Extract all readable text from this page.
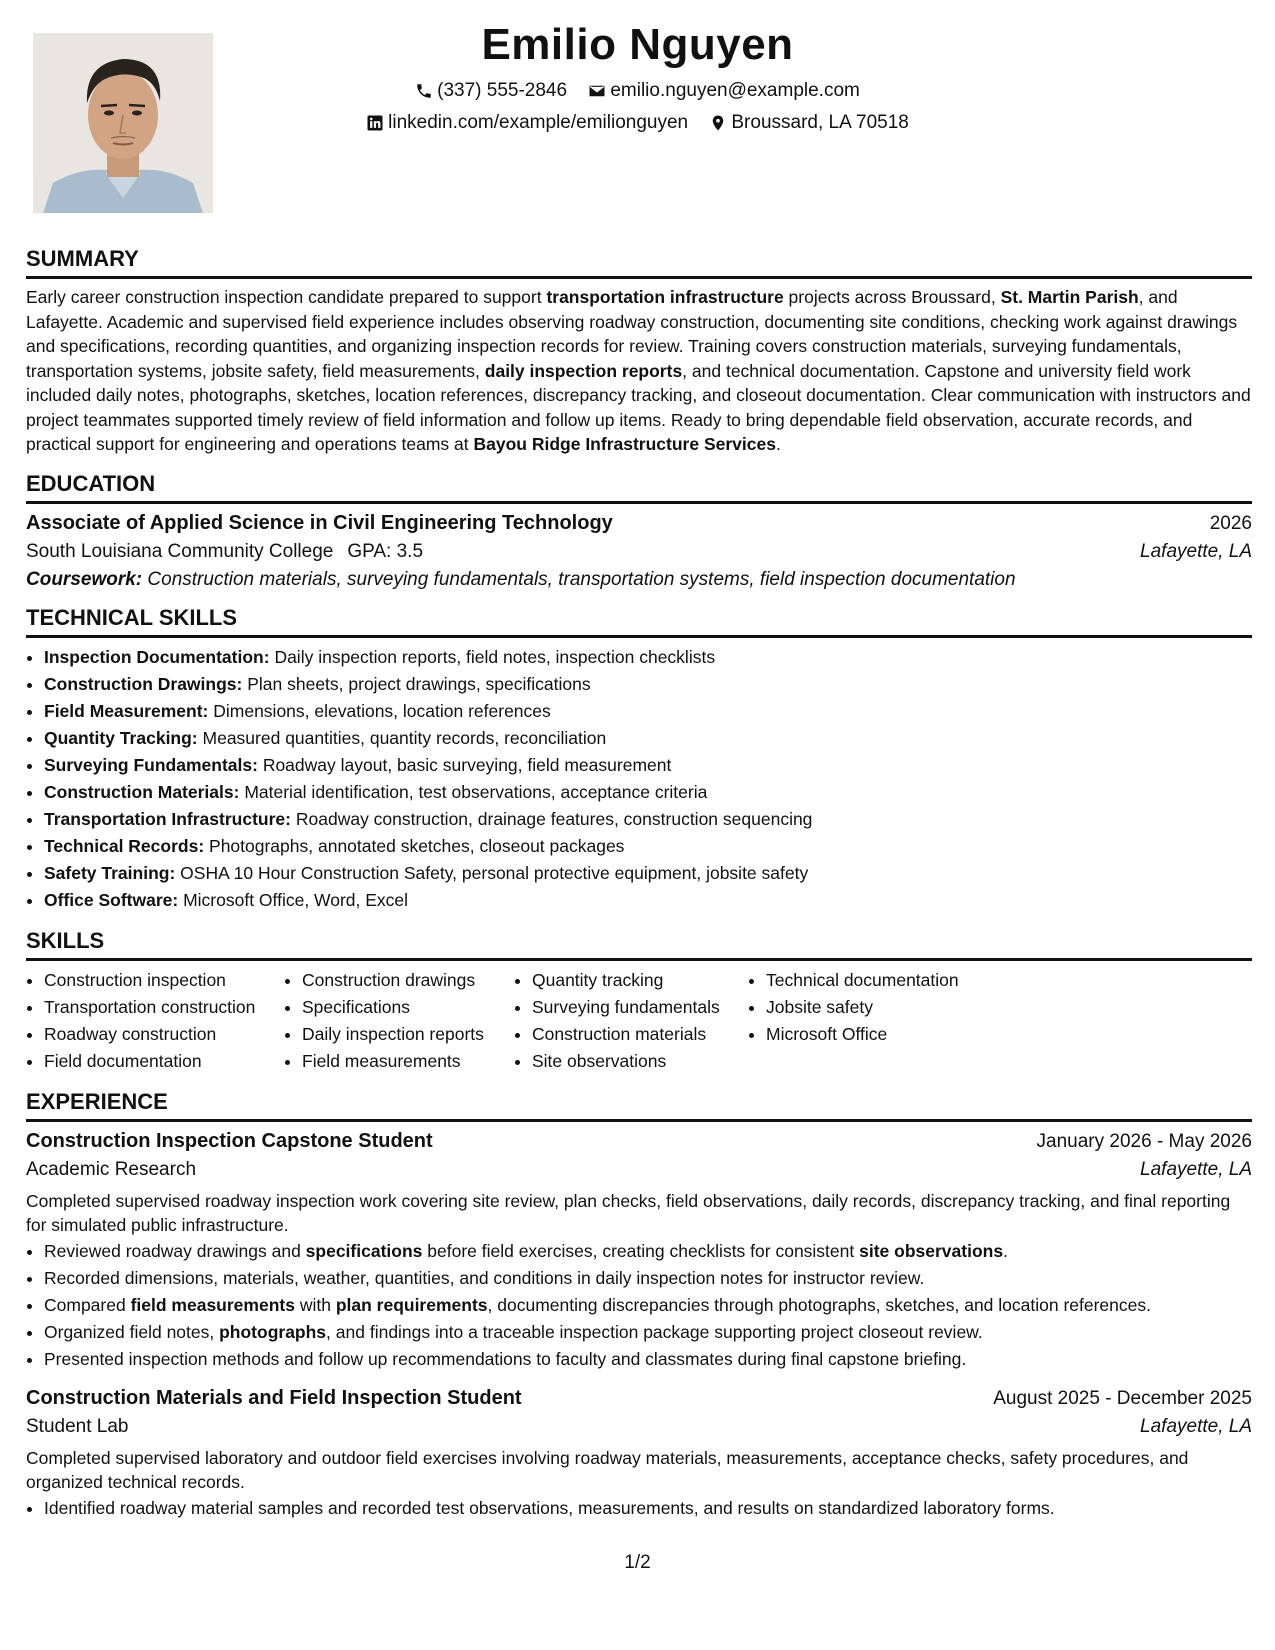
Emilio Nguyen
(337) 555-2846
emilio.nguyen@example.com
linkedin.com/example/emilionguyen
Broussard, LA 70518
SUMMARY

Early career construction inspection candidate prepared to support transportation infrastructure projects across Broussard, St. Martin Parish, and Lafayette. Academic and supervised field experience includes observing roadway construction, documenting site conditions, checking work against drawings and specifications, recording quantities, and organizing inspection records for review. Training covers construction materials, surveying fundamentals, transportation systems, jobsite safety, field measurements, daily inspection reports, and technical documentation. Capstone and university field work included daily notes, photographs, sketches, location references, discrepancy tracking, and closeout documentation. Clear communication with instructors and project teammates supported timely review of field information and follow up items. Ready to bring dependable field observation, accurate records, and practical support for engineering and operations teams at Bayou Ridge Infrastructure Services.

EDUCATION
Associate of Applied Science in Civil Engineering Technology	2026
South Louisiana Community College GPA: 3.5	Lafayette, LA
Coursework: Construction materials, surveying fundamentals, transportation systems, field inspection documentation
TECHNICAL SKILLS
• Inspection Documentation: Daily inspection reports, field notes, inspection checklists
• Construction Drawings: Plan sheets, project drawings, specifications
• Field Measurement: Dimensions, elevations, location references
• Quantity Tracking: Measured quantities, quantity records, reconciliation
• Surveying Fundamentals: Roadway layout, basic surveying, field measurement
• Construction Materials: Material identification, test observations, acceptance criteria
• Transportation Infrastructure: Roadway construction, drainage features, construction sequencing
• Technical Records: Photographs, annotated sketches, closeout packages
• Safety Training: OSHA 10 Hour Construction Safety, personal protective equipment, jobsite safety
• Office Software: Microsoft Office, Word, Excel
SKILLS
• Construction inspection
• Transportation construction
• Roadway construction
• Field documentation
• Construction drawings
• Specifications
• Daily inspection reports
• Field measurements
• Quantity tracking
• Surveying fundamentals
• Construction materials
• Site observations
• Technical documentation
• Jobsite safety
• Microsoft Office
EXPERIENCE
Construction Inspection Capstone Student	January 2026 - May 2026
Academic Research	Lafayette, LA
Completed supervised roadway inspection work covering site review, plan checks, field observations, daily records, discrepancy tracking, and final reporting for simulated public infrastructure.
• Reviewed roadway drawings and specifications before field exercises, creating checklists for consistent site observations.
• Recorded dimensions, materials, weather, quantities, and conditions in daily inspection notes for instructor review.
• Compared field measurements with plan requirements, documenting discrepancies through photographs, sketches, and location references.
• Organized field notes, photographs, and findings into a traceable inspection package supporting project closeout review.
• Presented inspection methods and follow up recommendations to faculty and classmates during final capstone briefing.
Construction Materials and Field Inspection Student	August 2025 - December 2025
Student Lab	Lafayette, LA
Completed supervised laboratory and outdoor field exercises involving roadway materials, measurements, acceptance checks, safety procedures, and organized technical records.
• Identified roadway material samples and recorded test observations, measurements, and results on standardized laboratory forms.
1/2
